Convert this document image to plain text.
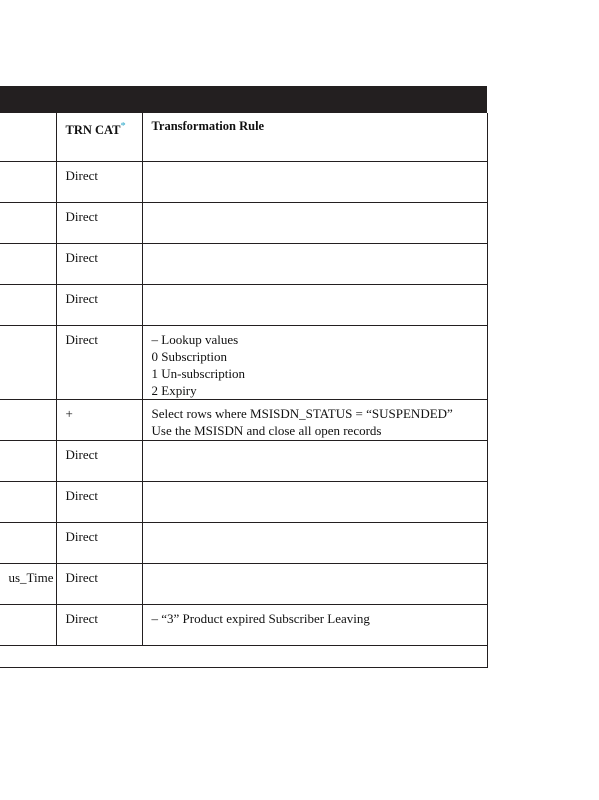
	TRN CAT*	Transformation Rule

	Direct	

	Direct	

	Direct	

	Direct	

	Direct	– Lookup values
0 Subscription
1 Un-subscription
2 Expiry

	+	Select rows where MSISDN_STATUS = “SUSPENDED”
Use the MSISDN and close all open records

	Direct	

	Direct	

	Direct	

us_Time	Direct	

	Direct	– “3” Product expired Subscriber Leaving
